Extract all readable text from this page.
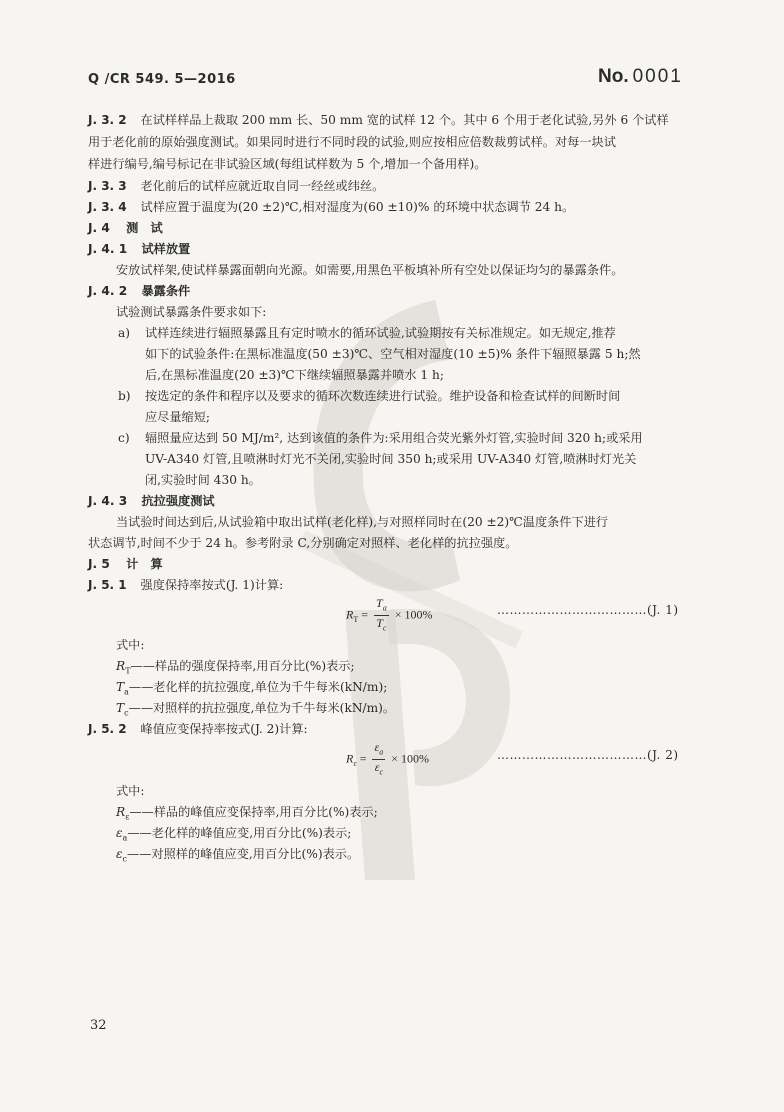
Q /CR 549. 5—2016	No. 0001
J. 3. 2 在试样样品上裁取 200 mm 长、50 mm 宽的试样 12 个。其中 6 个用于老化试验,另外 6 个试样
用于老化前的原始强度测试。如果同时进行不同时段的试验,则应按相应倍数裁剪试样。对每一块试
样进行编号,编号标记在非试验区域(每组试样数为 5 个,增加一个备用样)。
J. 3. 3 老化前后的试样应就近取自同一经丝或纬丝。
J. 3. 4 试样应置于温度为(20 ±2)℃,相对湿度为(60 ±10)% 的环境中状态调节 24 h。
J. 4 测　试
J. 4. 1 试样放置
安放试样架,使试样暴露面朝向光源。如需要,用黑色平板填补所有空处以保证均匀的暴露条件。
J. 4. 2 暴露条件
试验测试暴露条件要求如下:
a) 试样连续进行辐照暴露且有定时喷水的循环试验,试验期按有关标准规定。如无规定,推荐
如下的试验条件:在黑标准温度(50 ±3)℃、空气相对湿度(10 ±5)% 条件下辐照暴露 5 h;然
后,在黑标准温度(20 ±3)℃下继续辐照暴露并喷水 1 h;
b) 按选定的条件和程序以及要求的循环次数连续进行试验。维护设备和检查试样的间断时间
应尽量缩短;
c) 辐照量应达到 50 MJ/m², 达到该值的条件为:采用组合荧光紫外灯管,实验时间 320 h;或采用
UV-A340 灯管,且喷淋时灯光不关闭,实验时间 350 h;或采用 UV-A340 灯管,喷淋时灯光关
闭,实验时间 430 h。
J. 4. 3 抗拉强度测试
当试验时间达到后,从试验箱中取出试样(老化样),与对照样同时在(20 ±2)℃温度条件下进行
状态调节,时间不少于 24 h。参考附录 C,分别确定对照样、老化样的抗拉强度。
J. 5 计　算
J. 5. 1 强度保持率按式(J. 1)计算:
$R_T = \frac{T_a}{T_c} \times 100\%$	………………………………(J. 1)
式中:
$R_T——$样品的强度保持率,用百分比(%)表示;
$T_a——$老化样的抗拉强度,单位为千牛每米(kN/m);
$T_c——$对照样的抗拉强度,单位为千牛每米(kN/m)。
J. 5. 2 峰值应变保持率按式(J. 2)计算:
$R_\varepsilon = \frac{\varepsilon_a}{\varepsilon_c} \times 100\%$	………………………………(J. 2)
式中:
$R_\varepsilon——$样品的峰值应变保持率,用百分比(%)表示;
$\varepsilon_a——$老化样的峰值应变,用百分比(%)表示;
$\varepsilon_c——$对照样的峰值应变,用百分比(%)表示。
32
